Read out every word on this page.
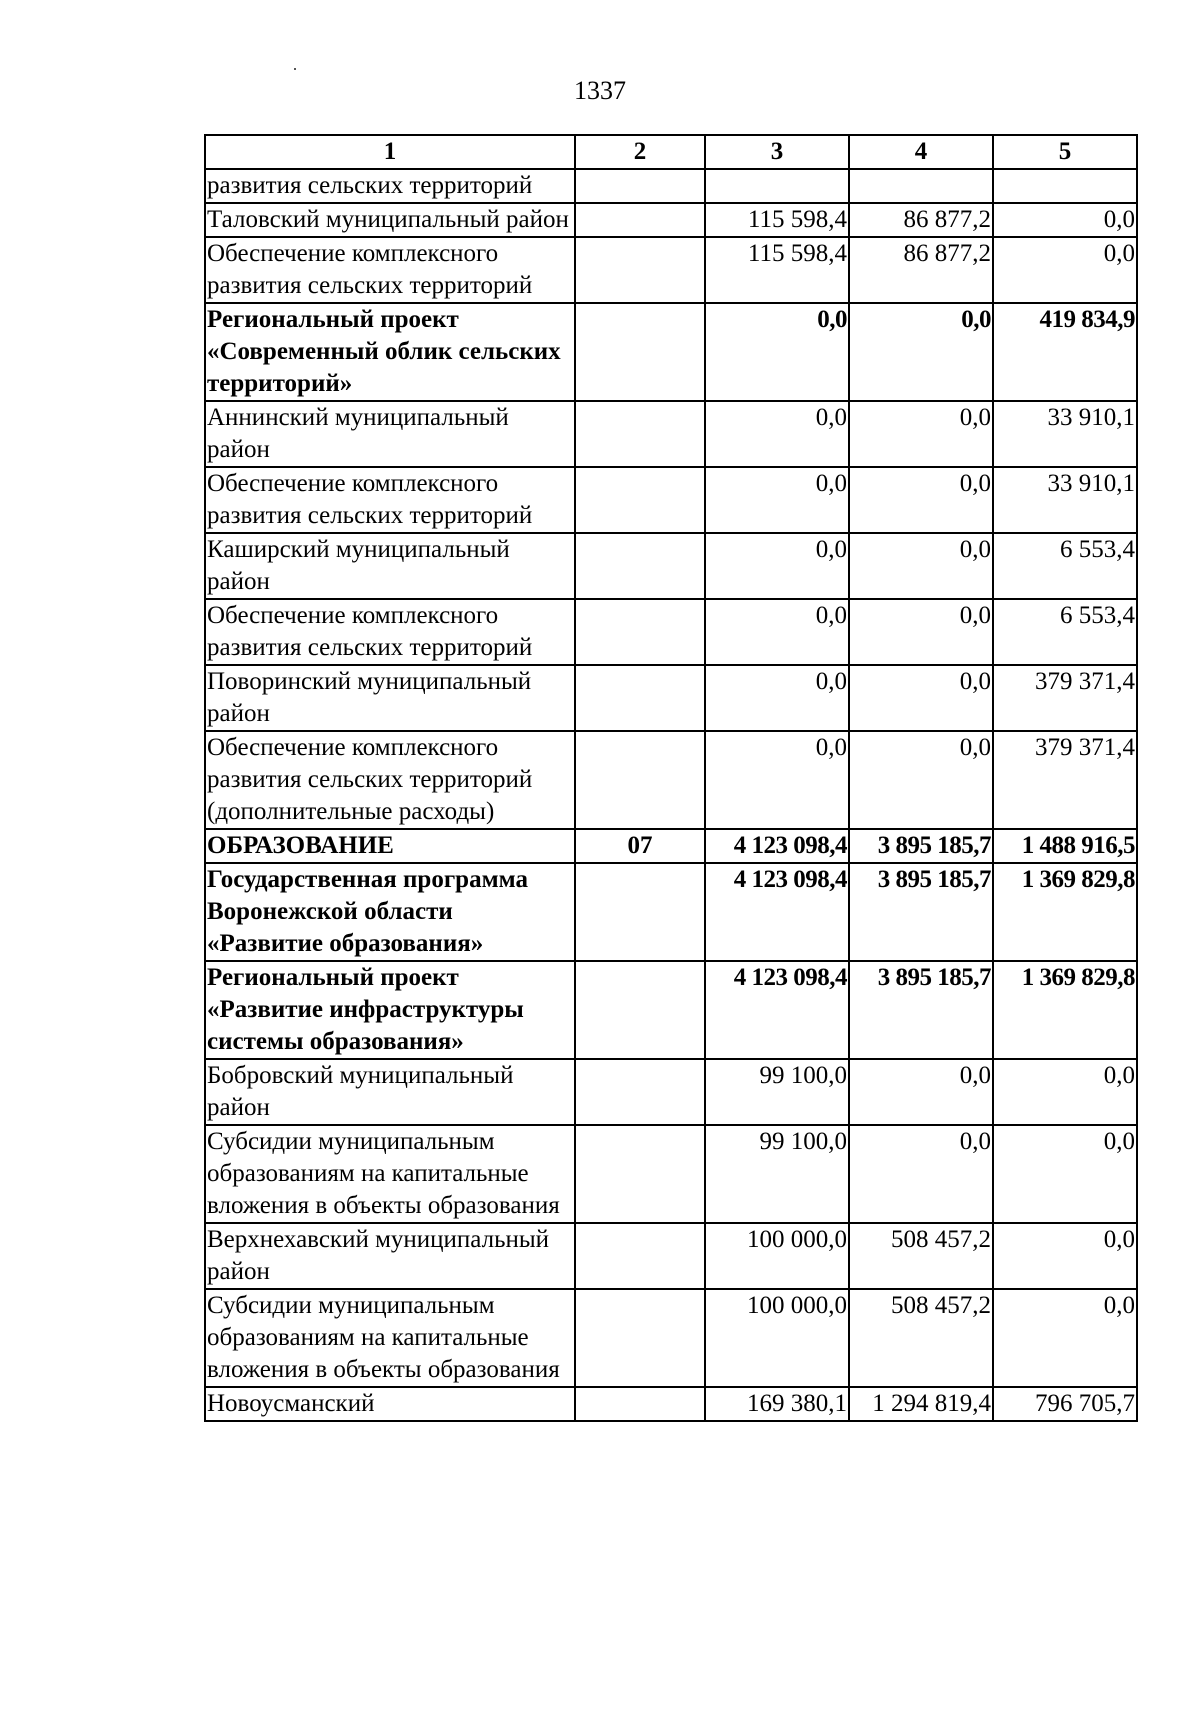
1337
1	2	3	4	5
развития сельских территорий				
Таловский муниципальный район		115 598,4	86 877,2	0,0
Обеспечение комплексного развития сельских территорий		115 598,4	86 877,2	0,0
Региональный проект «Современный облик сельских территорий»		0,0	0,0	419 834,9
Аннинский муниципальный район		0,0	0,0	33 910,1
Обеспечение комплексного развития сельских территорий		0,0	0,0	33 910,1
Каширский муниципальный район		0,0	0,0	6 553,4
Обеспечение комплексного развития сельских территорий		0,0	0,0	6 553,4
Поворинский муниципальный район		0,0	0,0	379 371,4
Обеспечение комплексного развития сельских территорий (дополнительные расходы)		0,0	0,0	379 371,4
ОБРАЗОВАНИЕ	07	4 123 098,4	3 895 185,7	1 488 916,5
Государственная программа Воронежской области «Развитие образования»		4 123 098,4	3 895 185,7	1 369 829,8
Региональный проект «Развитие инфраструктуры системы образования»		4 123 098,4	3 895 185,7	1 369 829,8
Бобровский муниципальный район		99 100,0	0,0	0,0
Субсидии муниципальным образованиям на капитальные вложения в объекты образования		99 100,0	0,0	0,0
Верхнехавский муниципальный район		100 000,0	508 457,2	0,0
Субсидии муниципальным образованиям на капитальные вложения в объекты образования		100 000,0	508 457,2	0,0
Новоусманский		169 380,1	1 294 819,4	796 705,7
